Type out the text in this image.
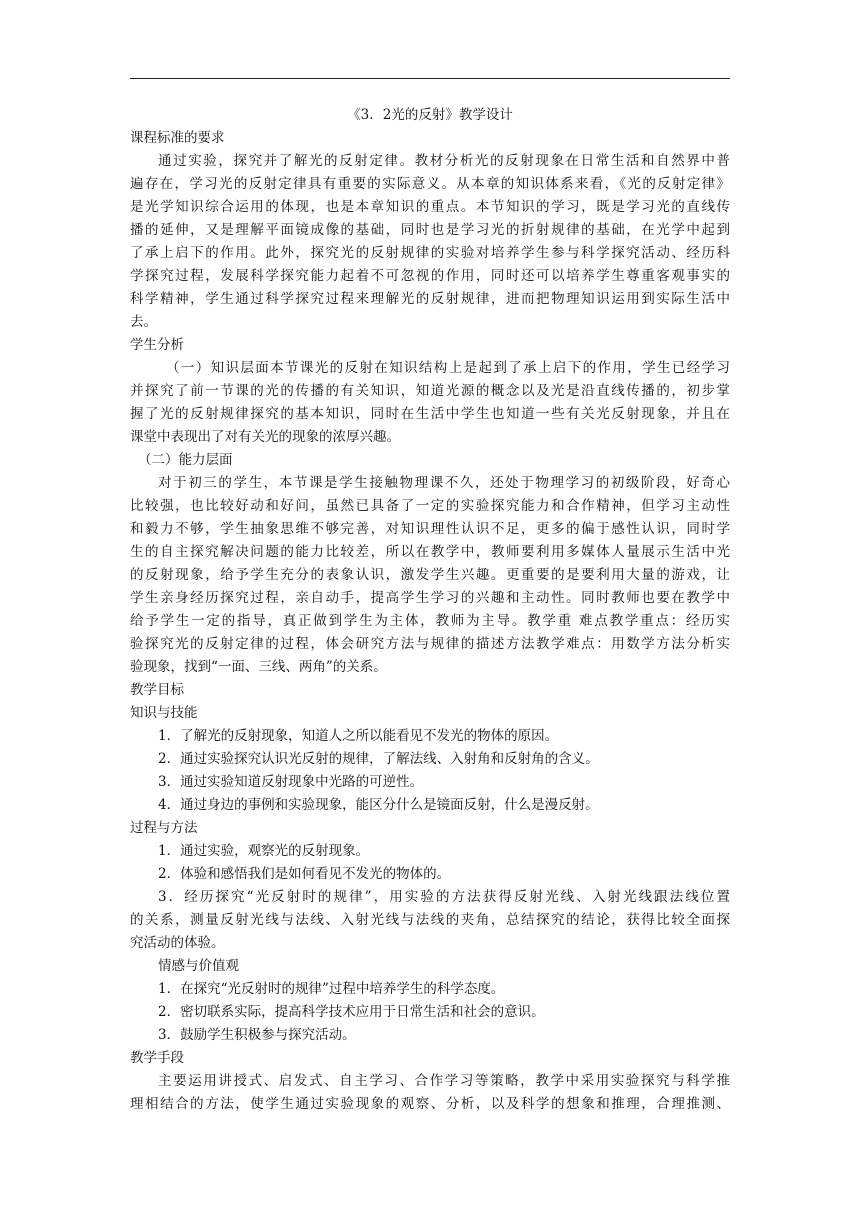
《3．2光的反射》教学设计
课程标准的要求
通过实验，探究并了解光的反射定律。教材分析光的反射现象在日常生活和自然界中普
遍存在，学习光的反射定律具有重要的实际意义。从本章的知识体系来看，《光的反射定律》
是光学知识综合运用的体现，也是本章知识的重点。本节知识的学习，既是学习光的直线传
播的延伸，又是理解平面镜成像的基础，同时也是学习光的折射规律的基础，在光学中起到
了承上启下的作用。此外，探究光的反射规律的实验对培养学生参与科学探究活动、经历科
学探究过程，发展科学探究能力起着不可忽视的作用，同时还可以培养学生尊重客观事实的
科学精神，学生通过科学探究过程来理解光的反射规律，进而把物理知识运用到实际生活中
去。
学生分析
（一）知识层面本节课光的反射在知识结构上是起到了承上启下的作用，学生已经学习
并探究了前一节课的光的传播的有关知识，知道光源的概念以及光是沿直线传播的，初步掌
握了光的反射规律探究的基本知识，同时在生活中学生也知道一些有关光反射现象，并且在
课堂中表现出了对有关光的现象的浓厚兴趣。
（二）能力层面
对于初三的学生，本节课是学生接触物理课不久，还处于物理学习的初级阶段，好奇心
比较强，也比较好动和好问，虽然已具备了一定的实验探究能力和合作精神，但学习主动性
和毅力不够，学生抽象思维不够完善，对知识理性认识不足，更多的偏于感性认识，同时学
生的自主探究解决问题的能力比较差，所以在教学中，教师要利用多媒体人量展示生活中光
的反射现象，给予学生充分的表象认识，激发学生兴趣。更重要的是要利用大量的游戏，让
学生亲身经历探究过程，亲自动手，提高学生学习的兴趣和主动性。同时教师也要在教学中
给予学生一定的指导，真正做到学生为主体，教师为主导。教学重 难点教学重点：经历实
验探究光的反射定律的过程，体会研究方法与规律的描述方法教学难点：用数学方法分析实
验现象，找到“一面、三线、两角”的关系。
教学目标
知识与技能
1．了解光的反射现象，知道人之所以能看见不发光的物体的原因。
2．通过实验探究认识光反射的规律，了解法线、入射角和反射角的含义。
3．通过实验知道反射现象中光路的可逆性。
4．通过身边的事例和实验现象，能区分什么是镜面反射，什么是漫反射。
过程与方法
1．通过实验，观察光的反射现象。
2．体验和感悟我们是如何看见不发光的物体的。
3．经历探究“光反射时的规律”，用实验的方法获得反射光线、入射光线跟法线位置
的关系，测量反射光线与法线、入射光线与法线的夹角，总结探究的结论，获得比较全面探
究活动的体验。
情感与价值观
1．在探究“光反射时的规律”过程中培养学生的科学态度。
2．密切联系实际，提高科学技术应用于日常生活和社会的意识。
3．鼓励学生积极参与探究活动。
教学手段
主要运用讲授式、启发式、自主学习、合作学习等策略，教学中采用实验探究与科学推
理相结合的方法，使学生通过实验现象的观察、分析，以及科学的想象和推理，合理推测、
